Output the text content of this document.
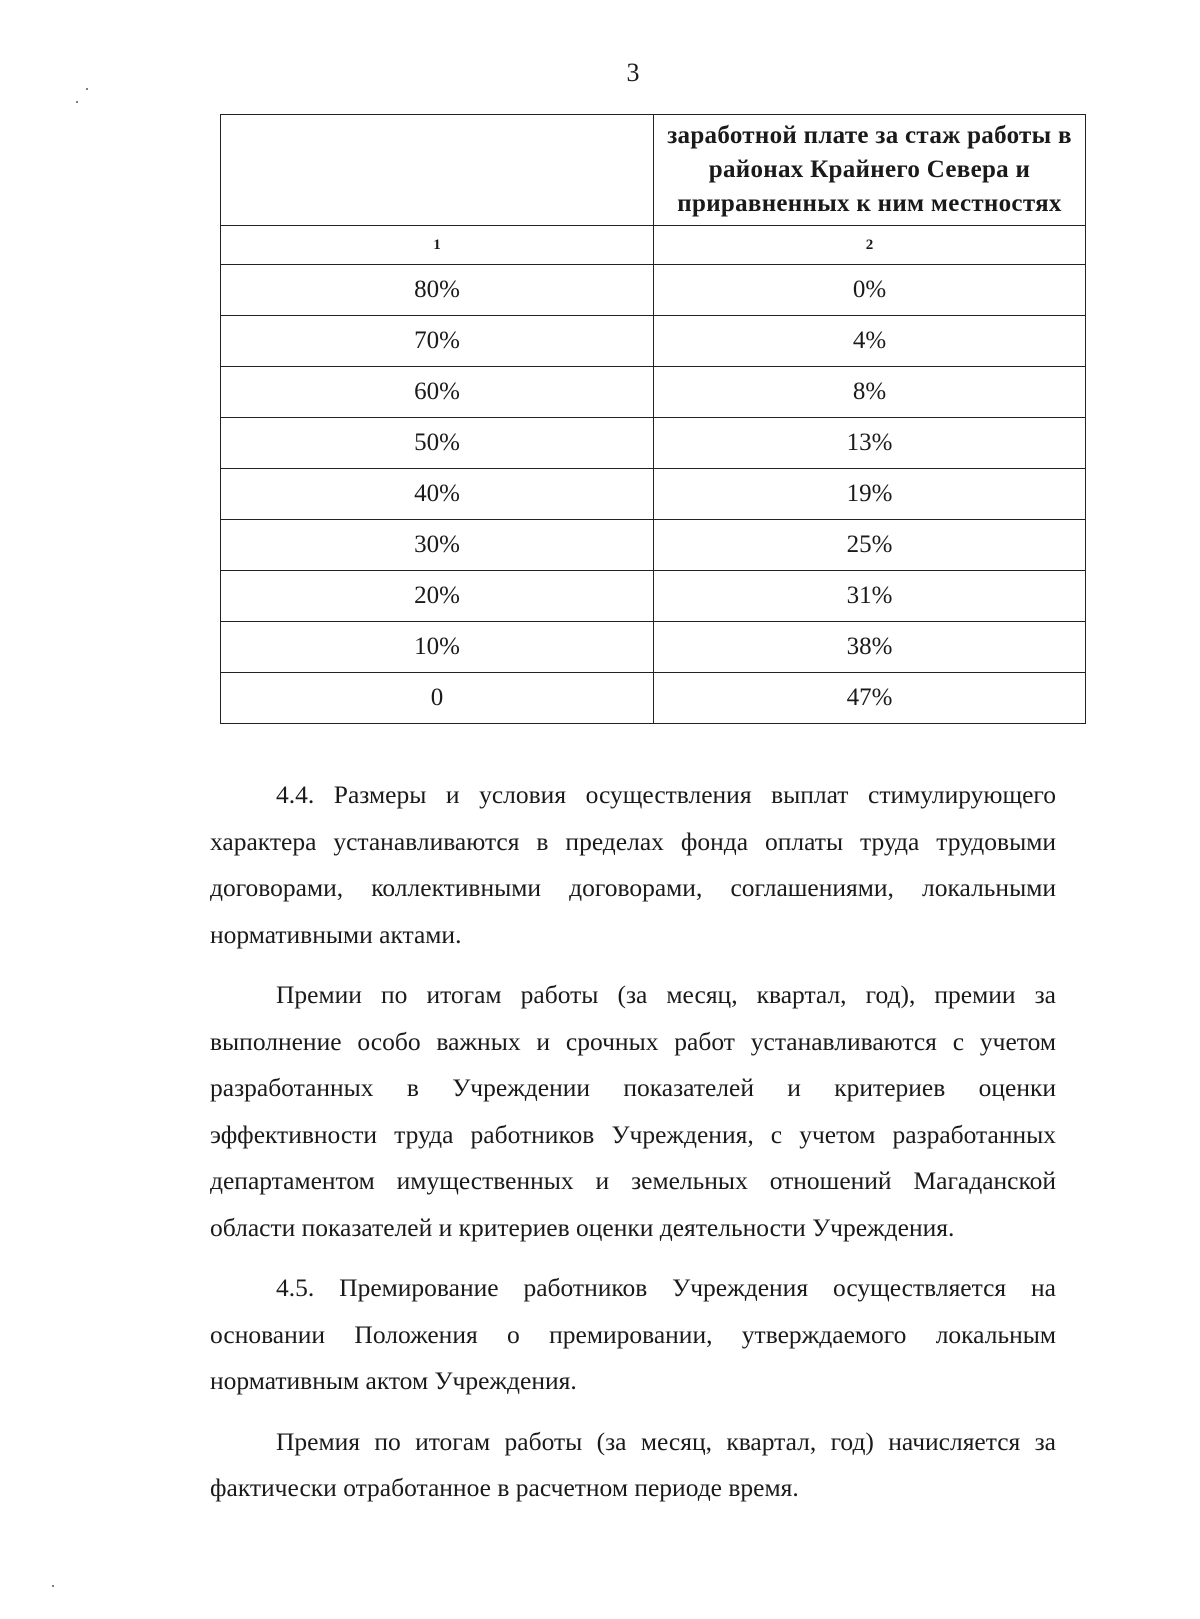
3
	заработной плате за стаж работы в районах Крайнего Севера и приравненных к ним местностях
1	2
80%	0%
70%	4%
60%	8%
50%	13%
40%	19%
30%	25%
20%	31%
10%	38%
0	47%

4.4. Размеры и условия осуществления выплат стимулирующего характера устанавливаются в пределах фонда оплаты труда трудовыми договорами, коллективными договорами, соглашениями, локальными нормативными актами.

Премии по итогам работы (за месяц, квартал, год), премии за выполнение особо важных и срочных работ устанавливаются с учетом разработанных в Учреждении показателей и критериев оценки эффективности труда работников Учреждения, с учетом разработанных департаментом имущественных и земельных отношений Магаданской области показателей и критериев оценки деятельности Учреждения.

4.5. Премирование работников Учреждения осуществляется на основании Положения о премировании, утверждаемого локальным нормативным актом Учреждения.

Премия по итогам работы (за месяц, квартал, год) начисляется за фактически отработанное в расчетном периоде время.
